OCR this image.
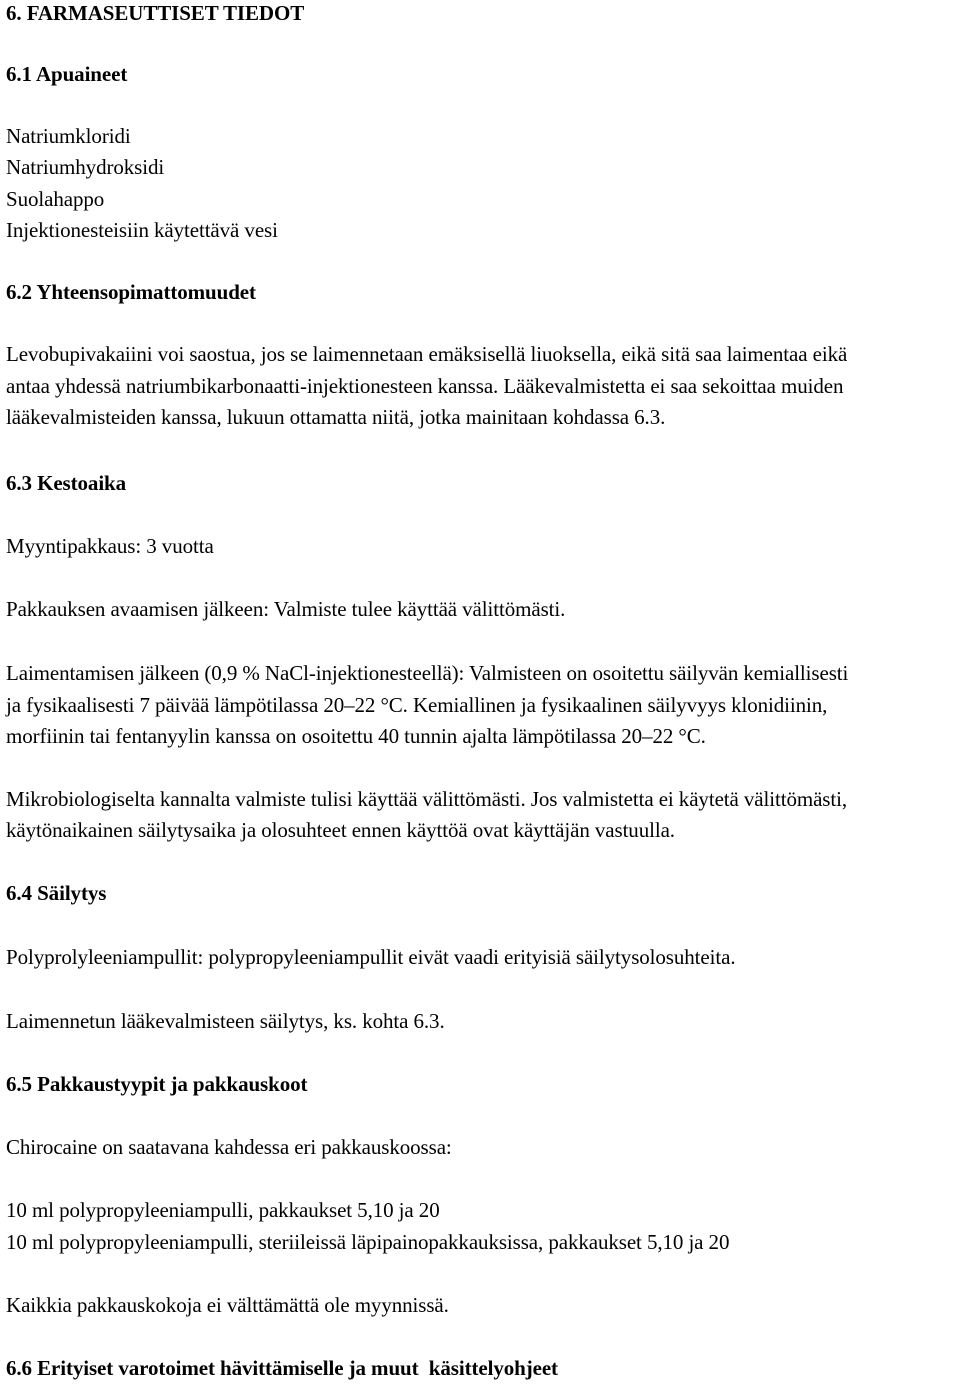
6. FARMASEUTTISET TIEDOT
6.1 Apuaineet
Natriumkloridi
Natriumhydroksidi
Suolahappo
Injektionesteisiin käytettävä vesi
6.2 Yhteensopimattomuudet
Levobupivakaiini voi saostua, jos se laimennetaan emäksisellä liuoksella, eikä sitä saa laimentaa eikä
antaa yhdessä natriumbikarbonaatti-injektionesteen kanssa. Lääkevalmistetta ei saa sekoittaa muiden
lääkevalmisteiden kanssa, lukuun ottamatta niitä, jotka mainitaan kohdassa 6.3.
6.3 Kestoaika
Myyntipakkaus: 3 vuotta
Pakkauksen avaamisen jälkeen: Valmiste tulee käyttää välittömästi.
Laimentamisen jälkeen (0,9 % NaCl-injektionesteellä): Valmisteen on osoitettu säilyvän kemiallisesti
ja fysikaalisesti 7 päivää lämpötilassa 20–22 °C. Kemiallinen ja fysikaalinen säilyvyys klonidiinin,
morfiinin tai fentanyylin kanssa on osoitettu 40 tunnin ajalta lämpötilassa 20–22 °C.
Mikrobiologiselta kannalta valmiste tulisi käyttää välittömästi. Jos valmistetta ei käytetä välittömästi,
käytönaikainen säilytysaika ja olosuhteet ennen käyttöä ovat käyttäjän vastuulla.
6.4 Säilytys
Polyprolyleeniampullit: polypropyleeniampullit eivät vaadi erityisiä säilytysolosuhteita.
Laimennetun lääkevalmisteen säilytys, ks. kohta 6.3.
6.5 Pakkaustyypit ja pakkauskoot
Chirocaine on saatavana kahdessa eri pakkauskoossa:
10 ml polypropyleeniampulli, pakkaukset 5,10 ja 20
10 ml polypropyleeniampulli, steriileissä läpipainopakkauksissa, pakkaukset 5,10 ja 20
Kaikkia pakkauskokoja ei välttämättä ole myynnissä.
6.6 Erityiset varotoimet hävittämiselle ja muut  käsittelyohjeet
